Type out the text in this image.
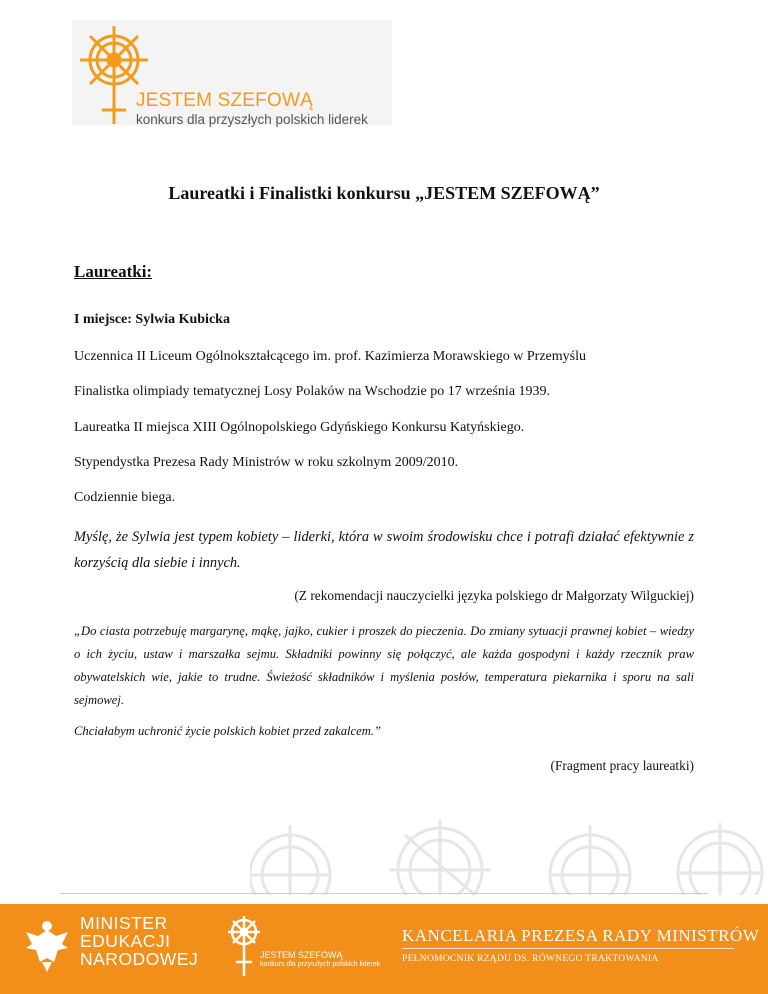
JESTEM SZEFOWĄ
konkurs dla przyszłych polskich liderek
Laureatki i Finalistki konkursu „JESTEM SZEFOWĄ”
Laureatki:
I miejsce: Sylwia Kubicka
Uczennica II Liceum Ogólnokształcącego im. prof. Kazimierza Morawskiego w Przemyślu
Finalistka olimpiady tematycznej Losy Polaków na Wschodzie po 17 września 1939.
Laureatka II miejsca XIII Ogólnopolskiego Gdyńskiego Konkursu Katyńskiego.
Stypendystka Prezesa Rady Ministrów w roku szkolnym 2009/2010.
Codziennie biega.
Myślę, że Sylwia jest typem kobiety – liderki, która w swoim środowisku chce i potrafi działać efektywnie z korzyścią dla siebie i innych.
(Z rekomendacji nauczycielki języka polskiego dr Małgorzaty Wilguckiej)
„Do ciasta potrzebuję margarynę, mąkę, jajko, cukier i proszek do pieczenia. Do zmiany sytuacji prawnej kobiet – wiedzy o ich życiu, ustaw i marszałka sejmu. Składniki powinny się połączyć, ale każda gospodyni i każdy rzecznik praw obywatelskich wie, jakie to trudne. Świeżość składników i myślenia posłów, temperatura piekarnika i sporu na sali sejmowej.
Chciałabym uchronić życie polskich kobiet przed zakalcem.”
(Fragment pracy laureatki)
MINISTER
EDUKACJI
NARODOWEJ	JESTEM SZEFOWĄ
konkurs dla przyszłych polskich liderek
KANCELARIA PREZESA RADY MINISTRÓW
PEŁNOMOCNIK RZĄDU DS. RÓWNEGO TRAKTOWANIA
